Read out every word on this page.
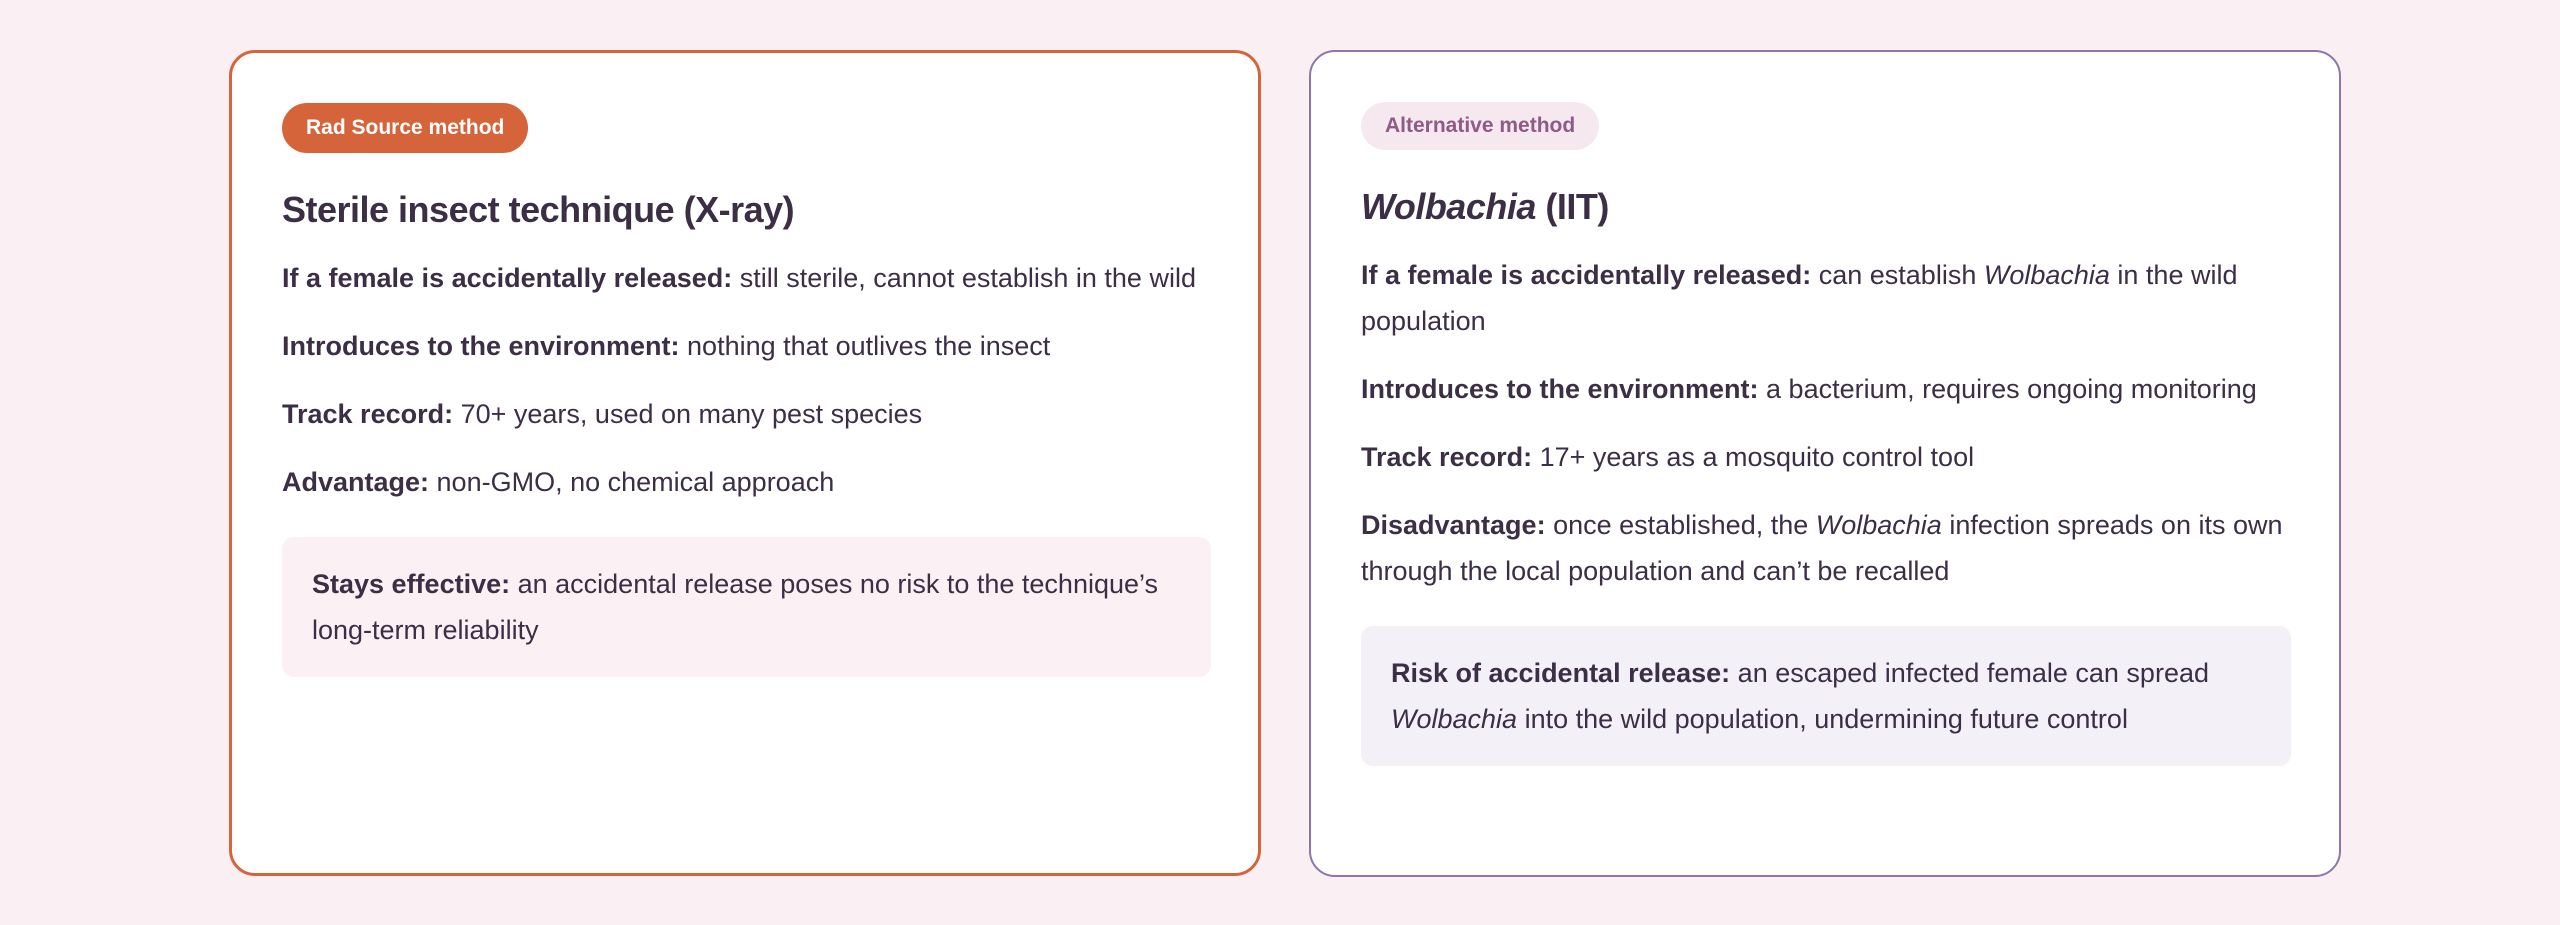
Rad Source method
Sterile insect technique (X-ray)

If a female is accidentally released: still sterile, cannot establish in the wild

Introduces to the environment: nothing that outlives the insect

Track record: 70+ years, used on many pest species

Advantage: non-GMO, no chemical approach

Stays effective: an accidental release poses no risk to the technique’s long-term reliability
Alternative method
Wolbachia (IIT)

If a female is accidentally released: can establish Wolbachia in the wild population

Introduces to the environment: a bacterium, requires ongoing monitoring

Track record: 17+ years as a mosquito control tool

Disadvantage: once established, the Wolbachia infection spreads on its own through the local population and can’t be recalled

Risk of accidental release: an escaped infected female can spread Wolbachia into the wild population, undermining future control
